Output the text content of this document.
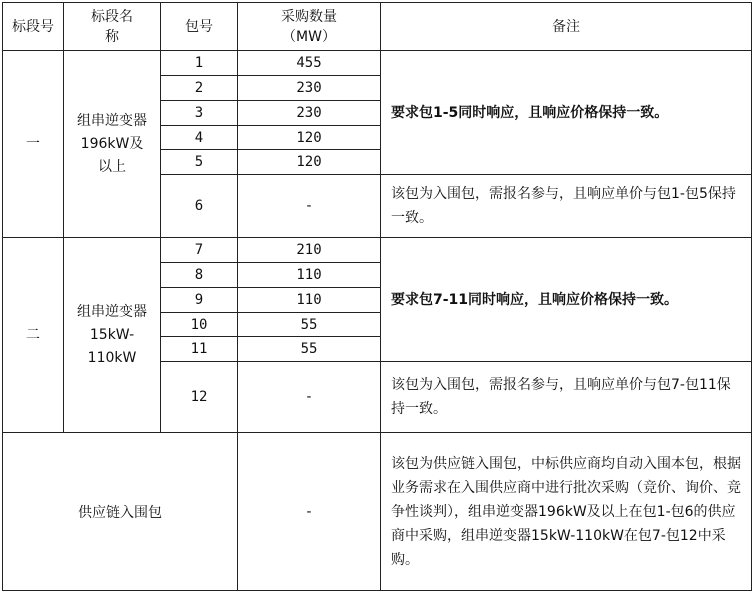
标段号	标段名称	包号	采购数量（MW）	备注
一	组串逆变器196kW及以上	1	455	要求包1-5同时响应，且响应价格保持一致。
		2	230	
		3	230	
		4	120	
		5	120	
		6	-	该包为入围包，需报名参与，且响应单价与包1-包5保持一致。
二	组串逆变器15kW-110kW	7	210	要求包7-11同时响应，且响应价格保持一致。
		8	110	
		9	110	
		10	55	
		11	55	
		12	-	该包为入围包，需报名参与，且响应单价与包7-包11保持一致。
供应链入围包			-	该包为供应链入围包，中标供应商均自动入围本包，根据业务需求在入围供应商中进行批次采购（竞价、询价、竞争性谈判），组串逆变器196kW及以上在包1-包6的供应商中采购，组串逆变器15kW-110kW在包7-包12中采购。
